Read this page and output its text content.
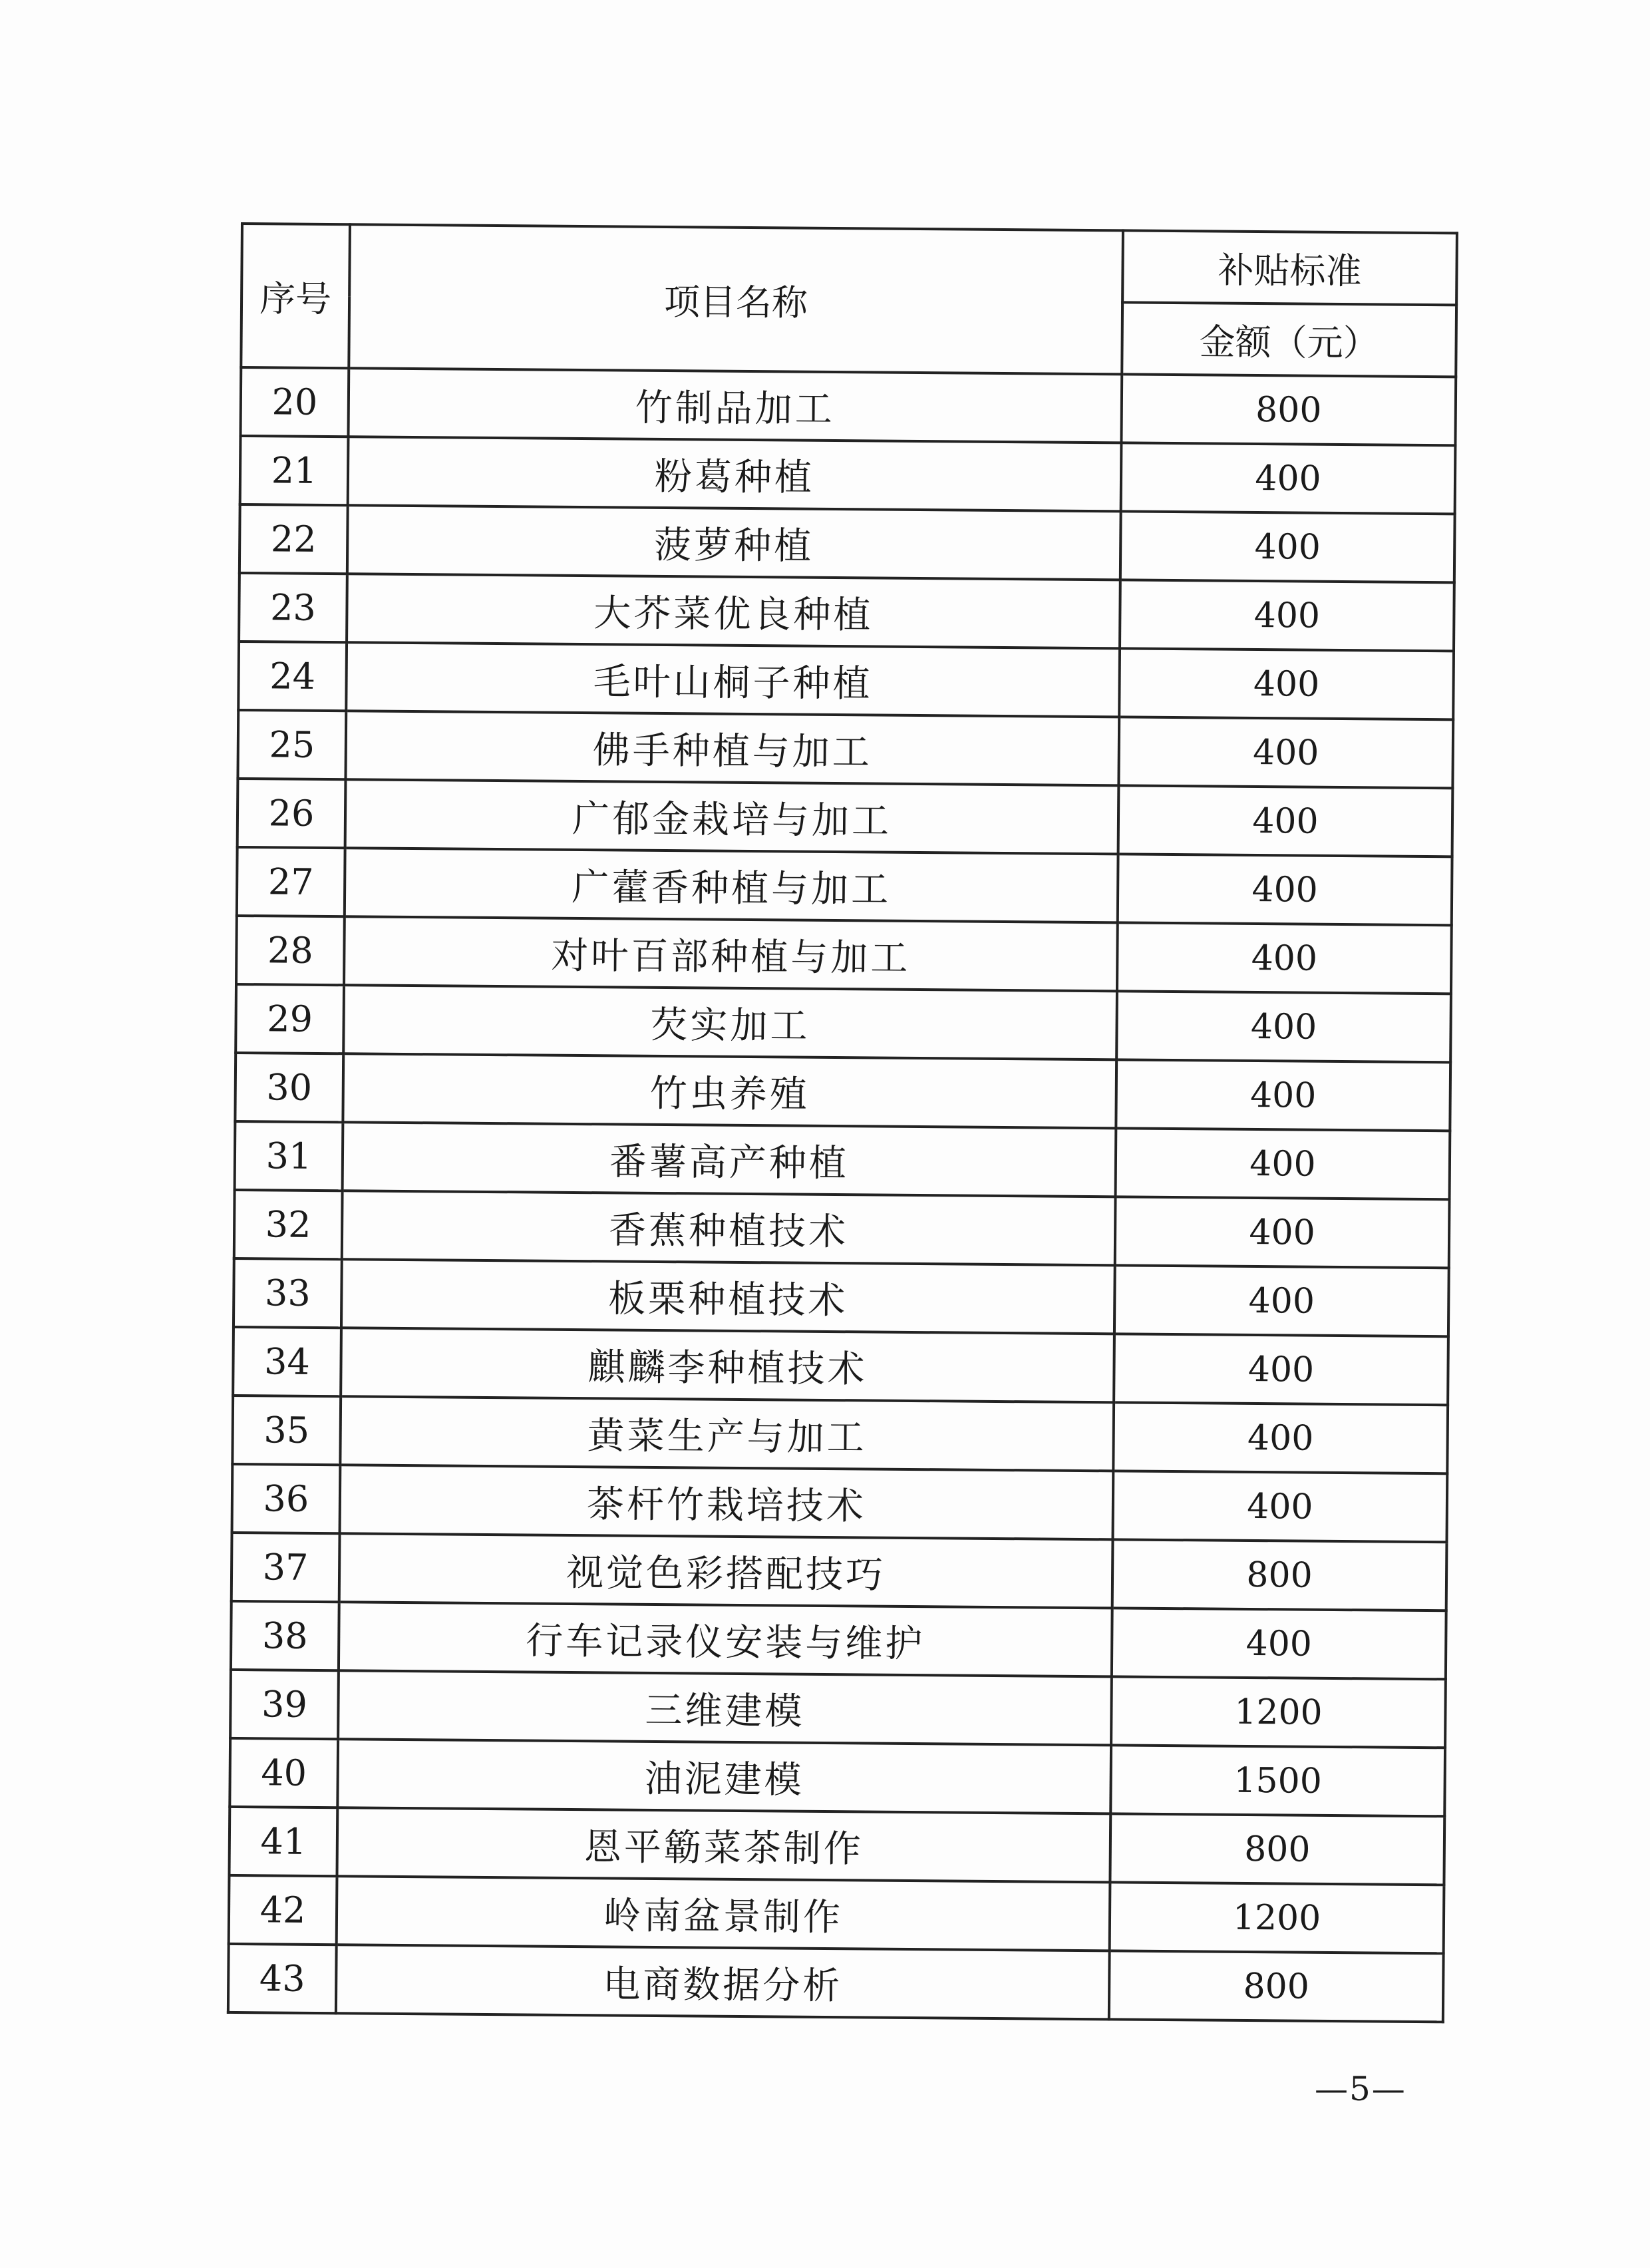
序号	项目名称	补贴标准
		金额（元）
20	竹制品加工	800
21	粉葛种植	400
22	菠萝种植	400
23	大芥菜优良种植	400
24	毛叶山桐子种植	400
25	佛手种植与加工	400
26	广郁金栽培与加工	400
27	广藿香种植与加工	400
28	对叶百部种植与加工	400
29	芡实加工	400
30	竹虫养殖	400
31	番薯高产种植	400
32	香蕉种植技术	400
33	板栗种植技术	400
34	麒麟李种植技术	400
35	黄菜生产与加工	400
36	茶杆竹栽培技术	400
37	视觉色彩搭配技巧	800
38	行车记录仪安装与维护	400
39	三维建模	1200
40	油泥建模	1500
41	恩平簕菜茶制作	800
42	岭南盆景制作	1200
43	电商数据分析	800
—5—
